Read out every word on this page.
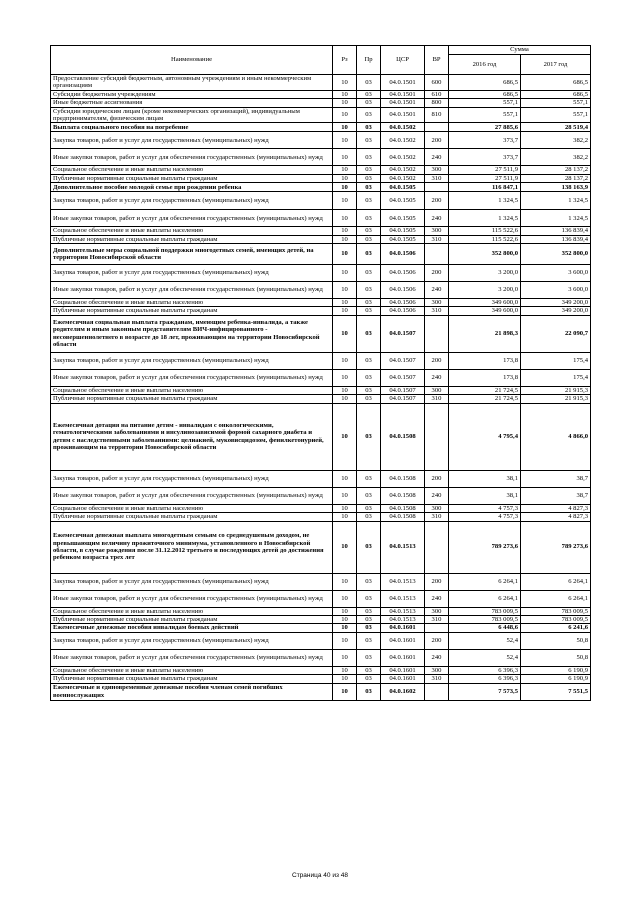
Наименование	Рз	Пр	ЦСР	ВР	Сумма	
					2016 год	2017 год
Предоставление субсидий бюджетным, автономным учреждениям и иным некоммерческим организациям	10	03	04.0.1501	600	686,5	686,5
Субсидии бюджетным учреждениям	10	03	04.0.1501	610	686,5	686,5
Иные бюджетные ассигнования	10	03	04.0.1501	800	557,1	557,1
Субсидии юридическим лицам (кроме некоммерческих организаций), индивидуальным предпринимателям, физическим лицам	10	03	04.0.1501	810	557,1	557,1
Выплата социального пособия на погребение	10	03	04.0.1502		27 885,6	28 519,4
Закупка товаров, работ и услуг для государственных (муниципальных) нужд	10	03	04.0.1502	200	373,7	382,2
Иные закупки товаров, работ и услуг для обеспечения государственных (муниципальных) нужд	10	03	04.0.1502	240	373,7	382,2
Социальное обеспечение и иные выплаты населению	10	03	04.0.1502	300	27 511,9	28 137,2
Публичные нормативные социальные выплаты гражданам	10	03	04.0.1502	310	27 511,9	28 137,2
Дополнительное пособие молодой семье при рождении ребенка	10	03	04.0.1505		116 847,1	138 163,9
Закупка товаров, работ и услуг для государственных (муниципальных) нужд	10	03	04.0.1505	200	1 324,5	1 324,5
Иные закупки товаров, работ и услуг для обеспечения государственных (муниципальных) нужд	10	03	04.0.1505	240	1 324,5	1 324,5
Социальное обеспечение и иные выплаты населению	10	03	04.0.1505	300	115 522,6	136 839,4
Публичные нормативные социальные выплаты гражданам	10	03	04.0.1505	310	115 522,6	136 839,4
Дополнительные меры социальной поддержки многодетных семей, имеющих детей, на территории Новосибирской области	10	03	04.0.1506		352 800,0	352 800,0
Закупка товаров, работ и услуг для государственных (муниципальных) нужд	10	03	04.0.1506	200	3 200,0	3 600,0
Иные закупки товаров, работ и услуг для обеспечения государственных (муниципальных) нужд	10	03	04.0.1506	240	3 200,0	3 600,0
Социальное обеспечение и иные выплаты населению	10	03	04.0.1506	300	349 600,0	349 200,0
Публичные нормативные социальные выплаты гражданам	10	03	04.0.1506	310	349 600,0	349 200,0
Ежемесячная социальная выплата гражданам, имеющим ребенка-инвалида, а также родителям и иным законным представителям ВИЧ-инфицированного - несовершеннолетнего в возрасте до 18 лет, проживающим на территории Новосибирской области	10	03	04.0.1507		21 898,3	22 090,7
Закупка товаров, работ и услуг для государственных (муниципальных) нужд	10	03	04.0.1507	200	173,8	175,4
Иные закупки товаров, работ и услуг для обеспечения государственных (муниципальных) нужд	10	03	04.0.1507	240	173,8	175,4
Социальное обеспечение и иные выплаты населению	10	03	04.0.1507	300	21 724,5	21 915,3
Публичные нормативные социальные выплаты гражданам	10	03	04.0.1507	310	21 724,5	21 915,3
Ежемесячная дотация на питание детям - инвалидам с онкологическими, гематологическими заболеваниями и инсулинозависимой формой сахарного диабета и детям с наследственными заболеваниями: целиакией, муковисцидозом, фенилкетонурией, проживающим на территории Новосибирской области	10	03	04.0.1508		4 795,4	4 866,0
Закупка товаров, работ и услуг для государственных (муниципальных) нужд	10	03	04.0.1508	200	38,1	38,7
Иные закупки товаров, работ и услуг для обеспечения государственных (муниципальных) нужд	10	03	04.0.1508	240	38,1	38,7
Социальное обеспечение и иные выплаты населению	10	03	04.0.1508	300	4 757,3	4 827,3
Публичные нормативные социальные выплаты гражданам	10	03	04.0.1508	310	4 757,3	4 827,3
Ежемесячная денежная выплата многодетным семьям со среднедушевым доходом, не превышающим величину прожиточного минимума, установленного в Новосибирской области, в случае рождения после 31.12.2012 третьего и последующих детей до достижения ребенком возраста трех лет	10	03	04.0.1513		789 273,6	789 273,6
Закупка товаров, работ и услуг для государственных (муниципальных) нужд	10	03	04.0.1513	200	6 264,1	6 264,1
Иные закупки товаров, работ и услуг для обеспечения государственных (муниципальных) нужд	10	03	04.0.1513	240	6 264,1	6 264,1
Социальное обеспечение и иные выплаты населению	10	03	04.0.1513	300	783 009,5	783 009,5
Публичные нормативные социальные выплаты гражданам	10	03	04.0.1513	310	783 009,5	783 009,5
Ежемесячные денежные пособия инвалидам боевых действий	10	03	04.0.1601		6 448,6	6 241,6
Закупка товаров, работ и услуг для государственных (муниципальных) нужд	10	03	04.0.1601	200	52,4	50,8
Иные закупки товаров, работ и услуг для обеспечения государственных (муниципальных) нужд	10	03	04.0.1601	240	52,4	50,8
Социальное обеспечение и иные выплаты населению	10	03	04.0.1601	300	6 396,3	6 190,9
Публичные нормативные социальные выплаты гражданам	10	03	04.0.1601	310	6 396,3	6 190,9
Ежемесячные и единовременные денежные пособия членам семей погибших военнослужащих	10	03	04.0.1602		7 573,5	7 551,5
Страница 40 из 48
